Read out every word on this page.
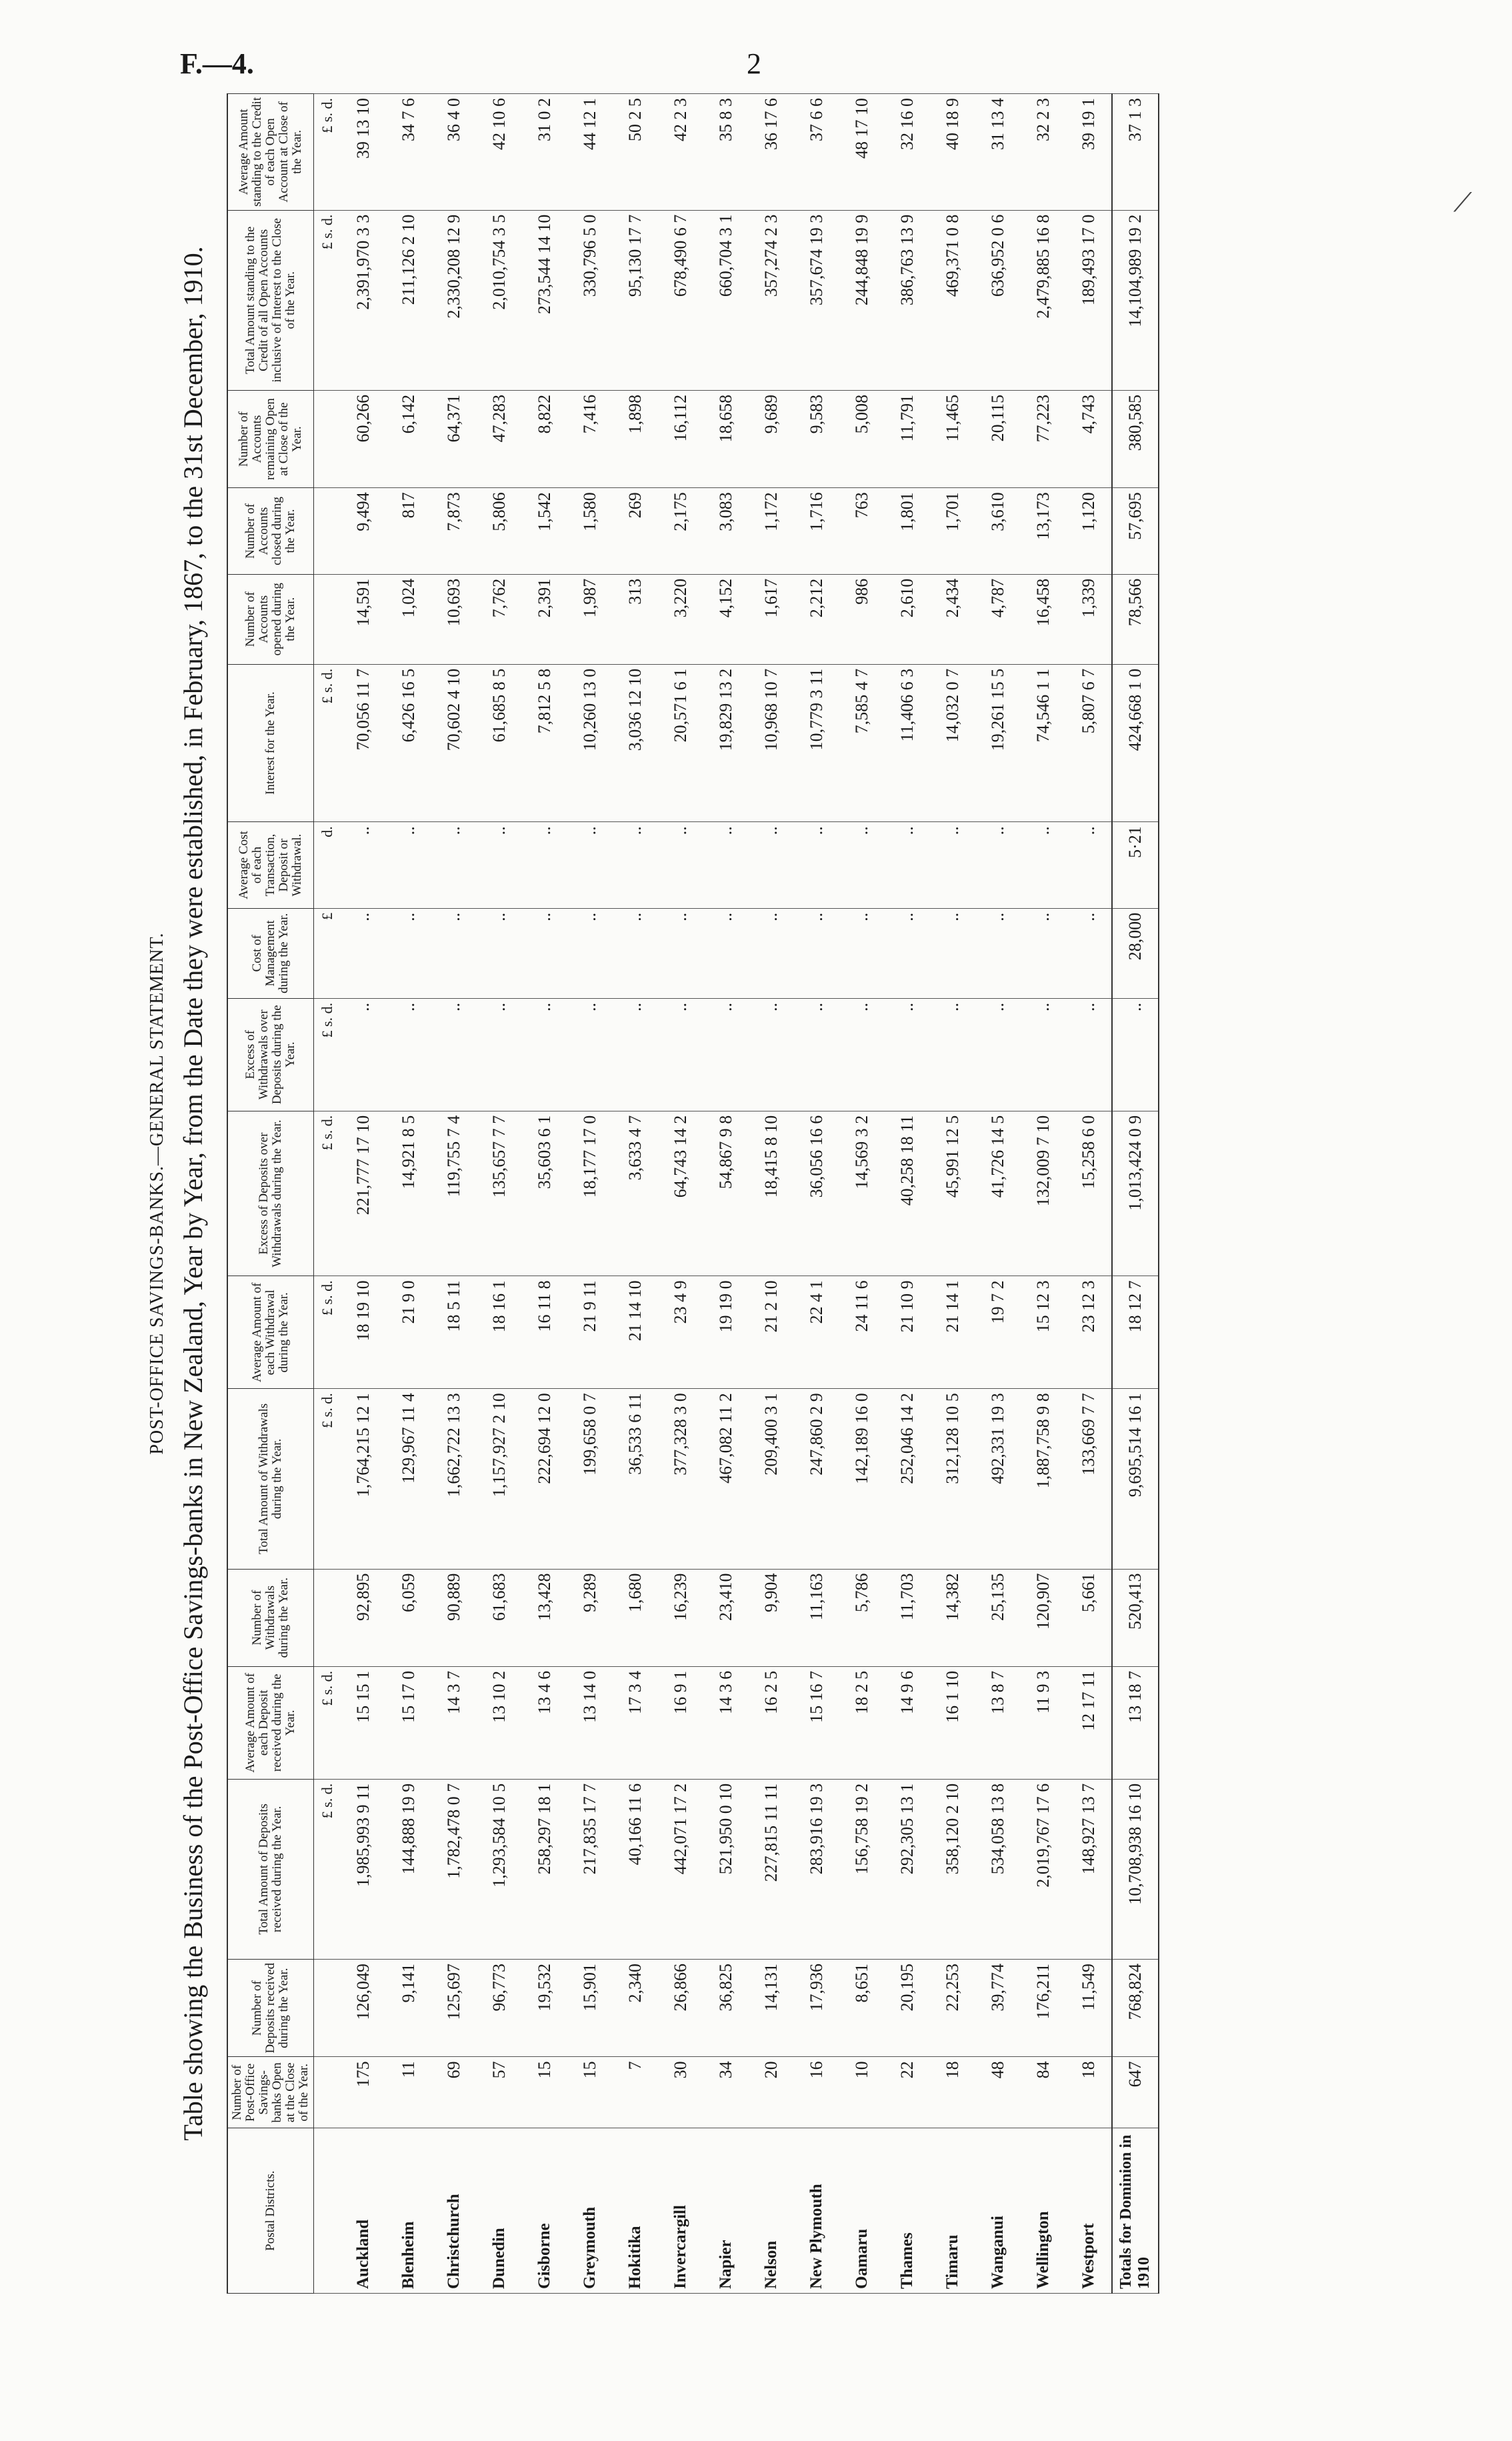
F.—4.	2
POST-OFFICE SAVINGS-BANKS.—GENERAL STATEMENT. Table showing the Business of the Post-Office Savings-banks in New Zealand, Year by Year, from the Date they were established, in February, 1867, to the 31st December, 1910.
Postal Districts.	Number of Post-Office Savings-banks Open at the Close of the Year.	Number of Deposits received during the Year.	Total Amount of Deposits received during the Year.	Average Amount of each Deposit received during the Year.	Number of Withdrawals during the Year.	Total Amount of Withdrawals during the Year.	Average Amount of each Withdrawal during the Year.	Excess of Deposits over Withdrawals during the Year.	Excess of Withdrawals over Deposits during the Year.	Cost of Management during the Year.	Average Cost of each Transaction, Deposit or Withdrawal.	Interest for the Year.	Number of Accounts opened during the Year.	Number of Accounts closed during the Year.	Number of Accounts remaining Open at Close of the Year.	Total Amount standing to the Credit of all Open Accounts inclusive of Interest to the Close of the Year.	Average Amount standing to the Credit of each Open Account at Close of the Year.
			£ s. d.	£ s. d.		£ s. d.	£ s. d.	£ s. d.	£ s. d.	£	d.	£ s. d.				£ s. d.	£ s. d.
Auckland	175	126,049	1,985,993 9 11	15 15 1	92,895	1,764,215 12 1	18 19 10	221,777 17 10	..	..	..	70,056 11 7	14,591	9,494	60,266	2,391,970 3 3	39 13 10
Blenheim	11	9,141	144,888 19 9	15 17 0	6,059	129,967 11 4	21 9 0	14,921 8 5	..	..	..	6,426 16 5	1,024	817	6,142	211,126 2 10	34 7 6
Christchurch	69	125,697	1,782,478 0 7	14 3 7	90,889	1,662,722 13 3	18 5 11	119,755 7 4	..	..	..	70,602 4 10	10,693	7,873	64,371	2,330,208 12 9	36 4 0
Dunedin	57	96,773	1,293,584 10 5	13 10 2	61,683	1,157,927 2 10	18 16 1	135,657 7 7	..	..	..	61,685 8 5	7,762	5,806	47,283	2,010,754 3 5	42 10 6
Gisborne	15	19,532	258,297 18 1	13 4 6	13,428	222,694 12 0	16 11 8	35,603 6 1	..	..	..	7,812 5 8	2,391	1,542	8,822	273,544 14 10	31 0 2
Greymouth	15	15,901	217,835 17 7	13 14 0	9,289	199,658 0 7	21 9 11	18,177 17 0	..	..	..	10,260 13 0	1,987	1,580	7,416	330,796 5 0	44 12 1
Hokitika	7	2,340	40,166 11 6	17 3 4	1,680	36,533 6 11	21 14 10	3,633 4 7	..	..	..	3,036 12 10	313	269	1,898	95,130 17 7	50 2 5
Invercargill	30	26,866	442,071 17 2	16 9 1	16,239	377,328 3 0	23 4 9	64,743 14 2	..	..	..	20,571 6 1	3,220	2,175	16,112	678,490 6 7	42 2 3
Napier	34	36,825	521,950 0 10	14 3 6	23,410	467,082 11 2	19 19 0	54,867 9 8	..	..	..	19,829 13 2	4,152	3,083	18,658	660,704 3 1	35 8 3
Nelson	20	14,131	227,815 11 11	16 2 5	9,904	209,400 3 1	21 2 10	18,415 8 10	..	..	..	10,968 10 7	1,617	1,172	9,689	357,274 2 3	36 17 6
New Plymouth	16	17,936	283,916 19 3	15 16 7	11,163	247,860 2 9	22 4 1	36,056 16 6	..	..	..	10,779 3 11	2,212	1,716	9,583	357,674 19 3	37 6 6
Oamaru	10	8,651	156,758 19 2	18 2 5	5,786	142,189 16 0	24 11 6	14,569 3 2	..	..	..	7,585 4 7	986	763	5,008	244,848 19 9	48 17 10
Thames	22	20,195	292,305 13 1	14 9 6	11,703	252,046 14 2	21 10 9	40,258 18 11	..	..	..	11,406 6 3	2,610	1,801	11,791	386,763 13 9	32 16 0
Timaru	18	22,253	358,120 2 10	16 1 10	14,382	312,128 10 5	21 14 1	45,991 12 5	..	..	..	14,032 0 7	2,434	1,701	11,465	469,371 0 8	40 18 9
Wanganui	48	39,774	534,058 13 8	13 8 7	25,135	492,331 19 3	19 7 2	41,726 14 5	..	..	..	19,261 15 5	4,787	3,610	20,115	636,952 0 6	31 13 4
Wellington	84	176,211	2,019,767 17 6	11 9 3	120,907	1,887,758 9 8	15 12 3	132,009 7 10	..	..	..	74,546 1 1	16,458	13,173	77,223	2,479,885 16 8	32 2 3
Westport	18	11,549	148,927 13 7	12 17 11	5,661	133,669 7 7	23 12 3	15,258 6 0	..	..	..	5,807 6 7	1,339	1,120	4,743	189,493 17 0	39 19 1
Totals for Dominion in 1910	647	768,824	10,708,938 16 10	13 18 7	520,413	9,695,514 16 1	18 12 7	1,013,424 0 9	..	28,000	5·21	424,668 1 0	78,566	57,695	380,585	14,104,989 19 2	37 1 3
⟋
